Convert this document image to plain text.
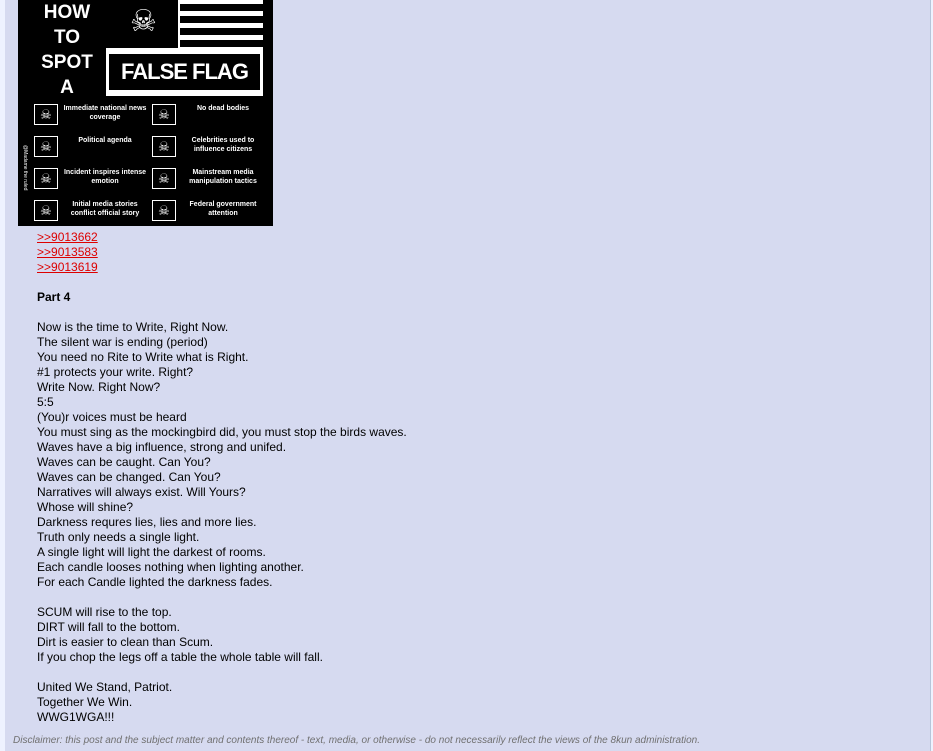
HOW
TO
SPOT
A
FALSE FLAG
☠
@Madame the ruled
☠	Immediate national news coverage	☠	No dead bodies
☠	Political agenda	☠	Celebrities used to influence citizens
☠	Incident inspires intense emotion	☠	Mainstream media manipulation tactics
☠	Initial media stories conflict official story	☠	Federal government attention
>>9013662
>>9013583
>>9013619
Part 4
Now is the time to Write, Right Now.
The silent war is ending (period)
You need no Rite to Write what is Right.
#1 protects your write. Right?
Write Now. Right Now?
5:5
(You)r voices must be heard
You must sing as the mockingbird did, you must stop the birds waves.
Waves have a big influence, strong and unifed.
Waves can be caught. Can You?
Waves can be changed. Can You?
Narratives will always exist. Will Yours?
Whose will shine?
Darkness requres lies, lies and more lies.
Truth only needs a single light.
A single light will light the darkest of rooms.
Each candle looses nothing when lighting another.
For each Candle lighted the darkness fades.
SCUM will rise to the top.
DIRT will fall to the bottom.
Dirt is easier to clean than Scum.
If you chop the legs off a table the whole table will fall.
United We Stand, Patriot.
Together We Win.
WWG1WGA!!!
Disclaimer: this post and the subject matter and contents thereof - text, media, or otherwise - do not necessarily reflect the views of the 8kun administration.
